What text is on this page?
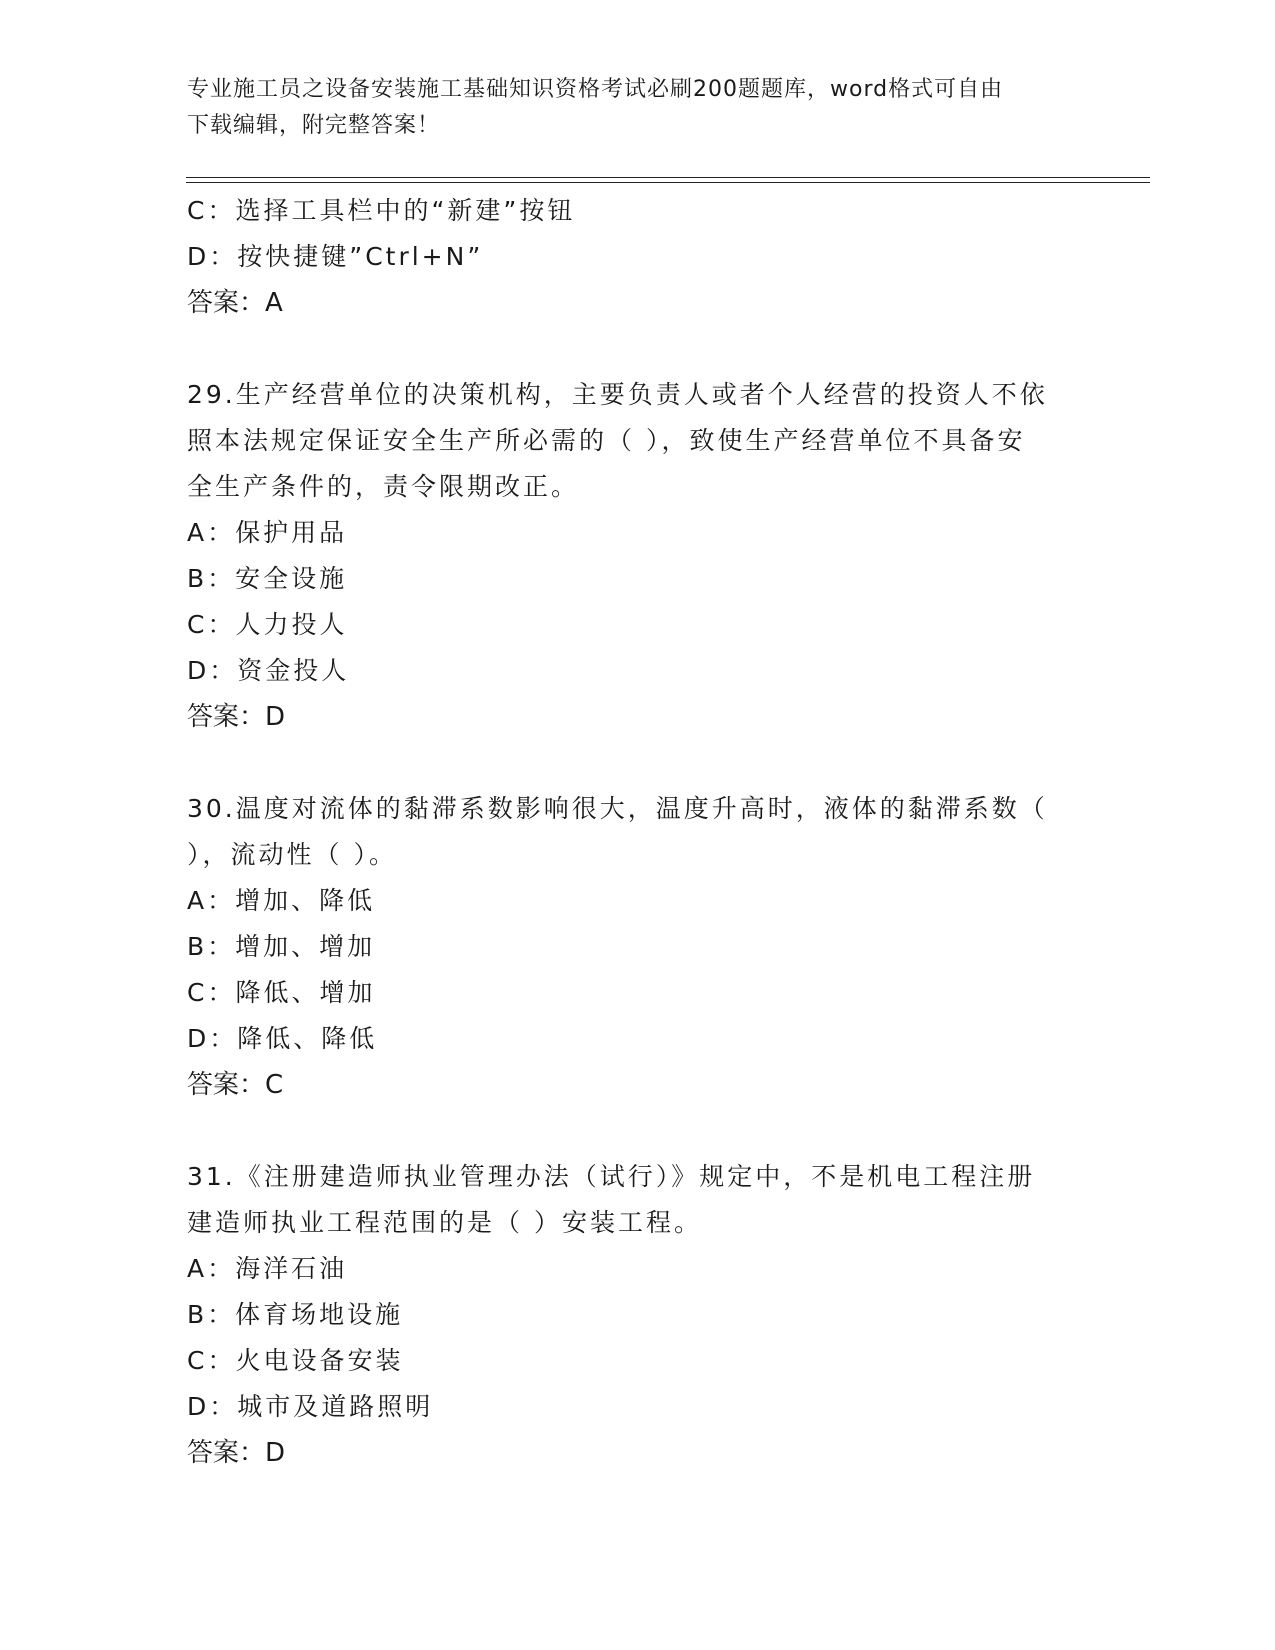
专业施工员之设备安装施工基础知识资格考试必刷200题题库，word格式可自由
下载编辑，附完整答案！
C：选择工具栏中的“新建”按钮
D：按快捷键”Ctrl+N”
答案：A
29.生产经营单位的决策机构，主要负责人或者个人经营的投资人不依
照本法规定保证安全生产所必需的（ ），致使生产经营单位不具备安
全生产条件的，责令限期改正。
A：保护用品
B：安全设施
C：人力投人
D：资金投人
答案：D
30.温度对流体的黏滞系数影响很大，温度升高时，液体的黏滞系数（
），流动性（ ）。
A：增加、降低
B：增加、增加
C：降低、增加
D：降低、降低
答案：C
31.《注册建造师执业管理办法（试行）》规定中，不是机电工程注册
建造师执业工程范围的是（ ）安装工程。
A：海洋石油
B：体育场地设施
C：火电设备安装
D：城市及道路照明
答案：D
